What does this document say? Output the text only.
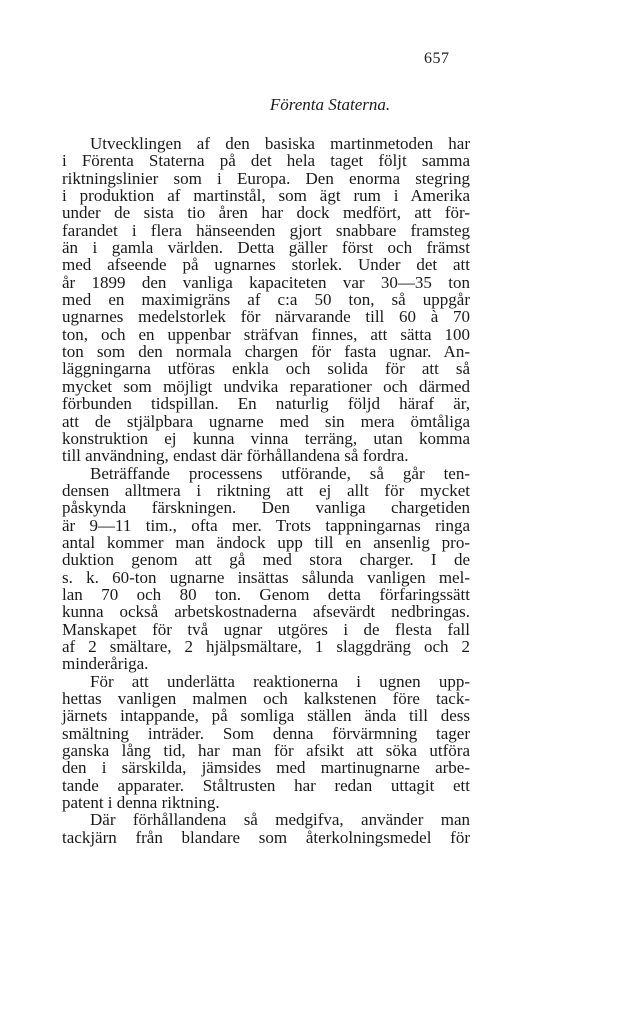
657
Förenta Staterna.
Utvecklingen af den basiska martinmetoden har
i Förenta Staterna på det hela taget följt samma
riktningslinier som i Europa. Den enorma stegring
i produktion af martinstål, som ägt rum i Amerika
under de sista tio åren har dock medfört, att för-
farandet i flera hänseenden gjort snabbare framsteg
än i gamla världen. Detta gäller först och främst
med afseende på ugnarnes storlek. Under det att
år 1899 den vanliga kapaciteten var 30—35 ton
med en maximigräns af c:a 50 ton, så uppgår
ugnarnes medelstorlek för närvarande till 60 à 70
ton, och en uppenbar sträfvan finnes, att sätta 100
ton som den normala chargen för fasta ugnar. An-
läggningarna utföras enkla och solida för att så
mycket som möjligt undvika reparationer och därmed
förbunden tidspillan. En naturlig följd häraf är,
att de stjälpbara ugnarne med sin mera ömtåliga
konstruktion ej kunna vinna terräng, utan komma
till användning, endast där förhållandena så fordra.
Beträffande processens utförande, så går ten-
densen alltmera i riktning att ej allt för mycket
påskynda färskningen. Den vanliga chargetiden
är 9—11 tim., ofta mer. Trots tappningarnas ringa
antal kommer man ändock upp till en ansenlig pro-
duktion genom att gå med stora charger. I de
s. k. 60-ton ugnarne insättas sålunda vanligen mel-
lan 70 och 80 ton. Genom detta förfaringssätt
kunna också arbetskostnaderna afsevärdt nedbringas.
Manskapet för två ugnar utgöres i de flesta fall
af 2 smältare, 2 hjälpsmältare, 1 slaggdräng och 2
minderåriga.
För att underlätta reaktionerna i ugnen upp-
hettas vanligen malmen och kalkstenen före tack-
järnets intappande, på somliga ställen ända till dess
smältning inträder. Som denna förvärmning tager
ganska lång tid, har man för afsikt att söka utföra
den i särskilda, jämsides med martinugnarne arbe-
tande apparater. Ståltrusten har redan uttagit ett
patent i denna riktning.
Där förhållandena så medgifva, använder man
tackjärn från blandare som återkolningsmedel för
